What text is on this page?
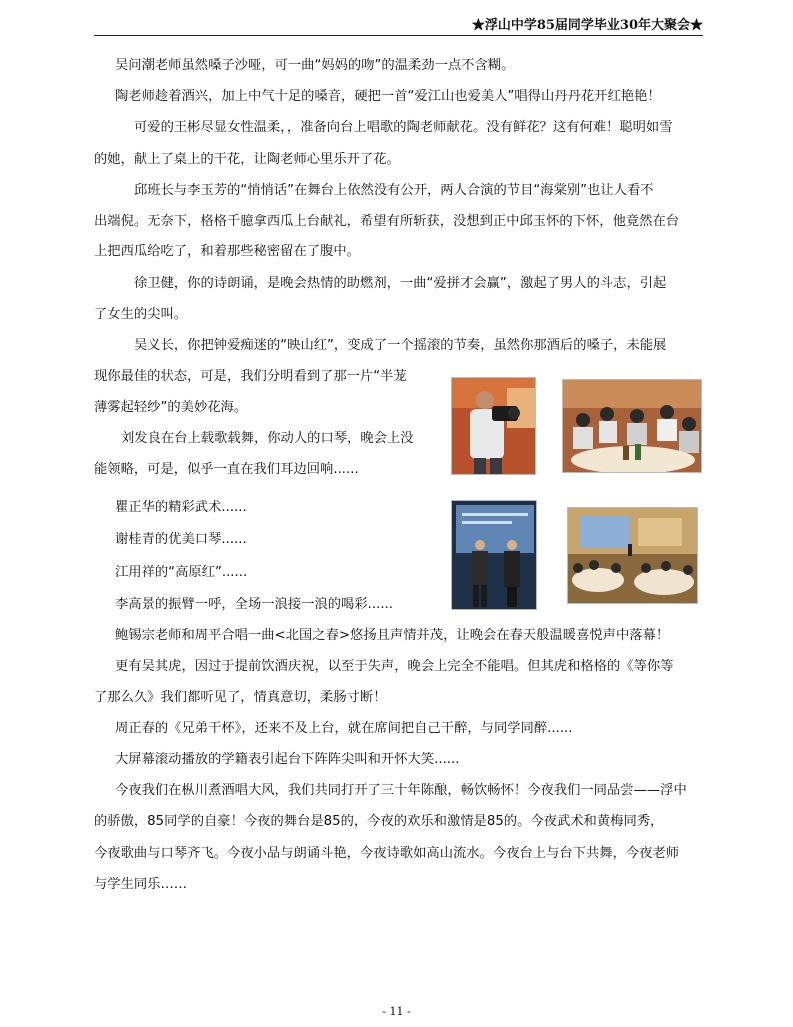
★浮山中学85届同学毕业30年大聚会★
吴问潮老师虽然嗓子沙哑，可一曲“妈妈的吻”的温柔劲一点不含糊。
陶老师趁着酒兴，加上中气十足的嗓音，硬把一首“爱江山也爱美人”唱得山丹丹花开红艳艳！
可爱的王彬尽显女性温柔，，准备向台上唱歌的陶老师献花。没有鲜花？这有何难！聪明如雪
的她，献上了桌上的干花，让陶老师心里乐开了花。
邱班长与李玉芳的“悄悄话”在舞台上依然没有公开，两人合演的节目“海棠别”也让人看不
出端倪。无奈下，格格千臆拿西瓜上台献礼，希望有所斩获，没想到正中邱玉怀的下怀，他竟然在台
上把西瓜给吃了，和着那些秘密留在了腹中。
徐卫健，你的诗朗诵，是晚会热情的助燃剂，一曲“爱拼才会赢”，激起了男人的斗志，引起
了女生的尖叫。
吴义长，你把钟爱痴迷的“映山红”，变成了一个摇滚的节奏，虽然你那酒后的嗓子，未能展
现你最佳的状态，可是，我们分明看到了那一片“半茏
薄雾起轻纱”的美妙花海。
刘发良在台上载歌载舞，你动人的口琴，晚会上没
能领略，可是，似乎一直在我们耳边回响......
瞿正华的精彩武术......
谢桂青的优美口琴......
江用祥的“高原红”......
李高景的振臂一呼，全场一浪接一浪的喝彩......
鲍锡宗老师和周平合唱一曲<北国之春>悠扬且声情并茂，让晚会在春天般温暖喜悦声中落幕！
更有吴其虎，因过于提前饮酒庆祝，以至于失声，晚会上完全不能唱。但其虎和格格的《等你等
了那么久》我们都听见了，情真意切，柔肠寸断！
周正春的《兄弟干杯》，还来不及上台，就在席间把自己干醉，与同学同醉......
大屏幕滚动播放的学籍表引起台下阵阵尖叫和开怀大笑......
今夜我们在枞川煮酒唱大风，我们共同打开了三十年陈酿，畅饮畅怀！今夜我们一同品尝——浮中
的骄傲，85同学的自豪！今夜的舞台是85的，今夜的欢乐和激情是85的。今夜武术和黄梅同秀，
今夜歌曲与口琴齐飞。今夜小品与朗诵斗艳，今夜诗歌如高山流水。今夜台上与台下共舞，今夜老师
与学生同乐……
- 11 -
